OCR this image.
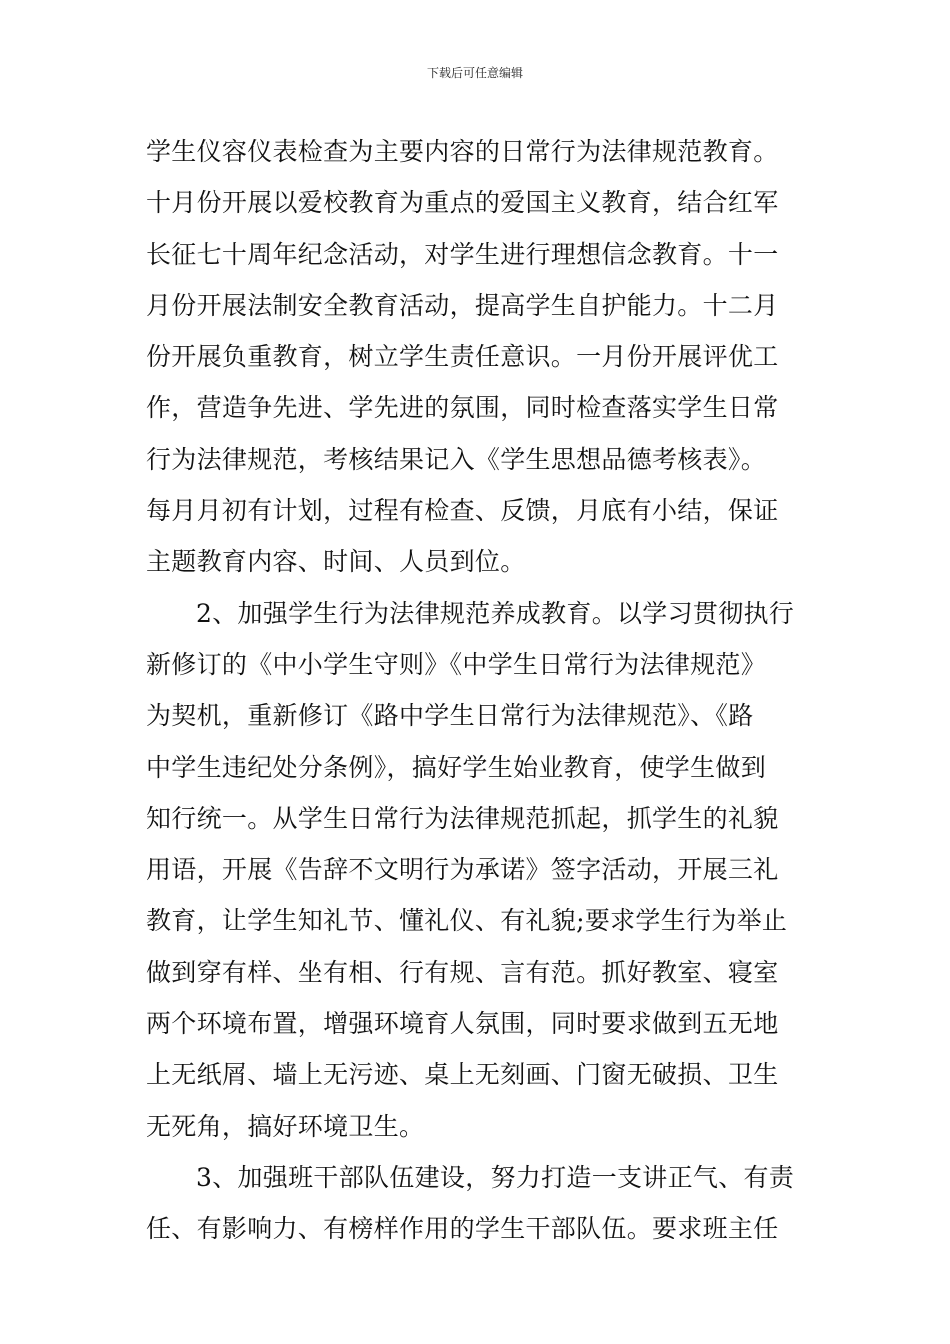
下载后可任意编辑
学生仪容仪表检查为主要内容的日常行为法律规范教育。
十月份开展以爱校教育为重点的爱国主义教育，结合红军
长征七十周年纪念活动，对学生进行理想信念教育。十一
月份开展法制安全教育活动，提高学生自护能力。十二月
份开展负重教育，树立学生责任意识。一月份开展评优工
作，营造争先进、学先进的氛围，同时检查落实学生日常
行为法律规范，考核结果记入《学生思想品德考核表》。
每月月初有计划，过程有检查、反馈，月底有小结，保证
主题教育内容、时间、人员到位。
2、加强学生行为法律规范养成教育。以学习贯彻执行
新修订的《中小学生守则》《中学生日常行为法律规范》
为契机，重新修订《路中学生日常行为法律规范》、《路
中学生违纪处分条例》，搞好学生始业教育，使学生做到
知行统一。从学生日常行为法律规范抓起，抓学生的礼貌
用语，开展《告辞不文明行为承诺》签字活动，开展三礼
教育，让学生知礼节、懂礼仪、有礼貌;要求学生行为举止
做到穿有样、坐有相、行有规、言有范。抓好教室、寝室
两个环境布置，增强环境育人氛围，同时要求做到五无地
上无纸屑、墙上无污迹、桌上无刻画、门窗无破损、卫生
无死角，搞好环境卫生。
3、加强班干部队伍建设，努力打造一支讲正气、有责
任、有影响力、有榜样作用的学生干部队伍。要求班主任
